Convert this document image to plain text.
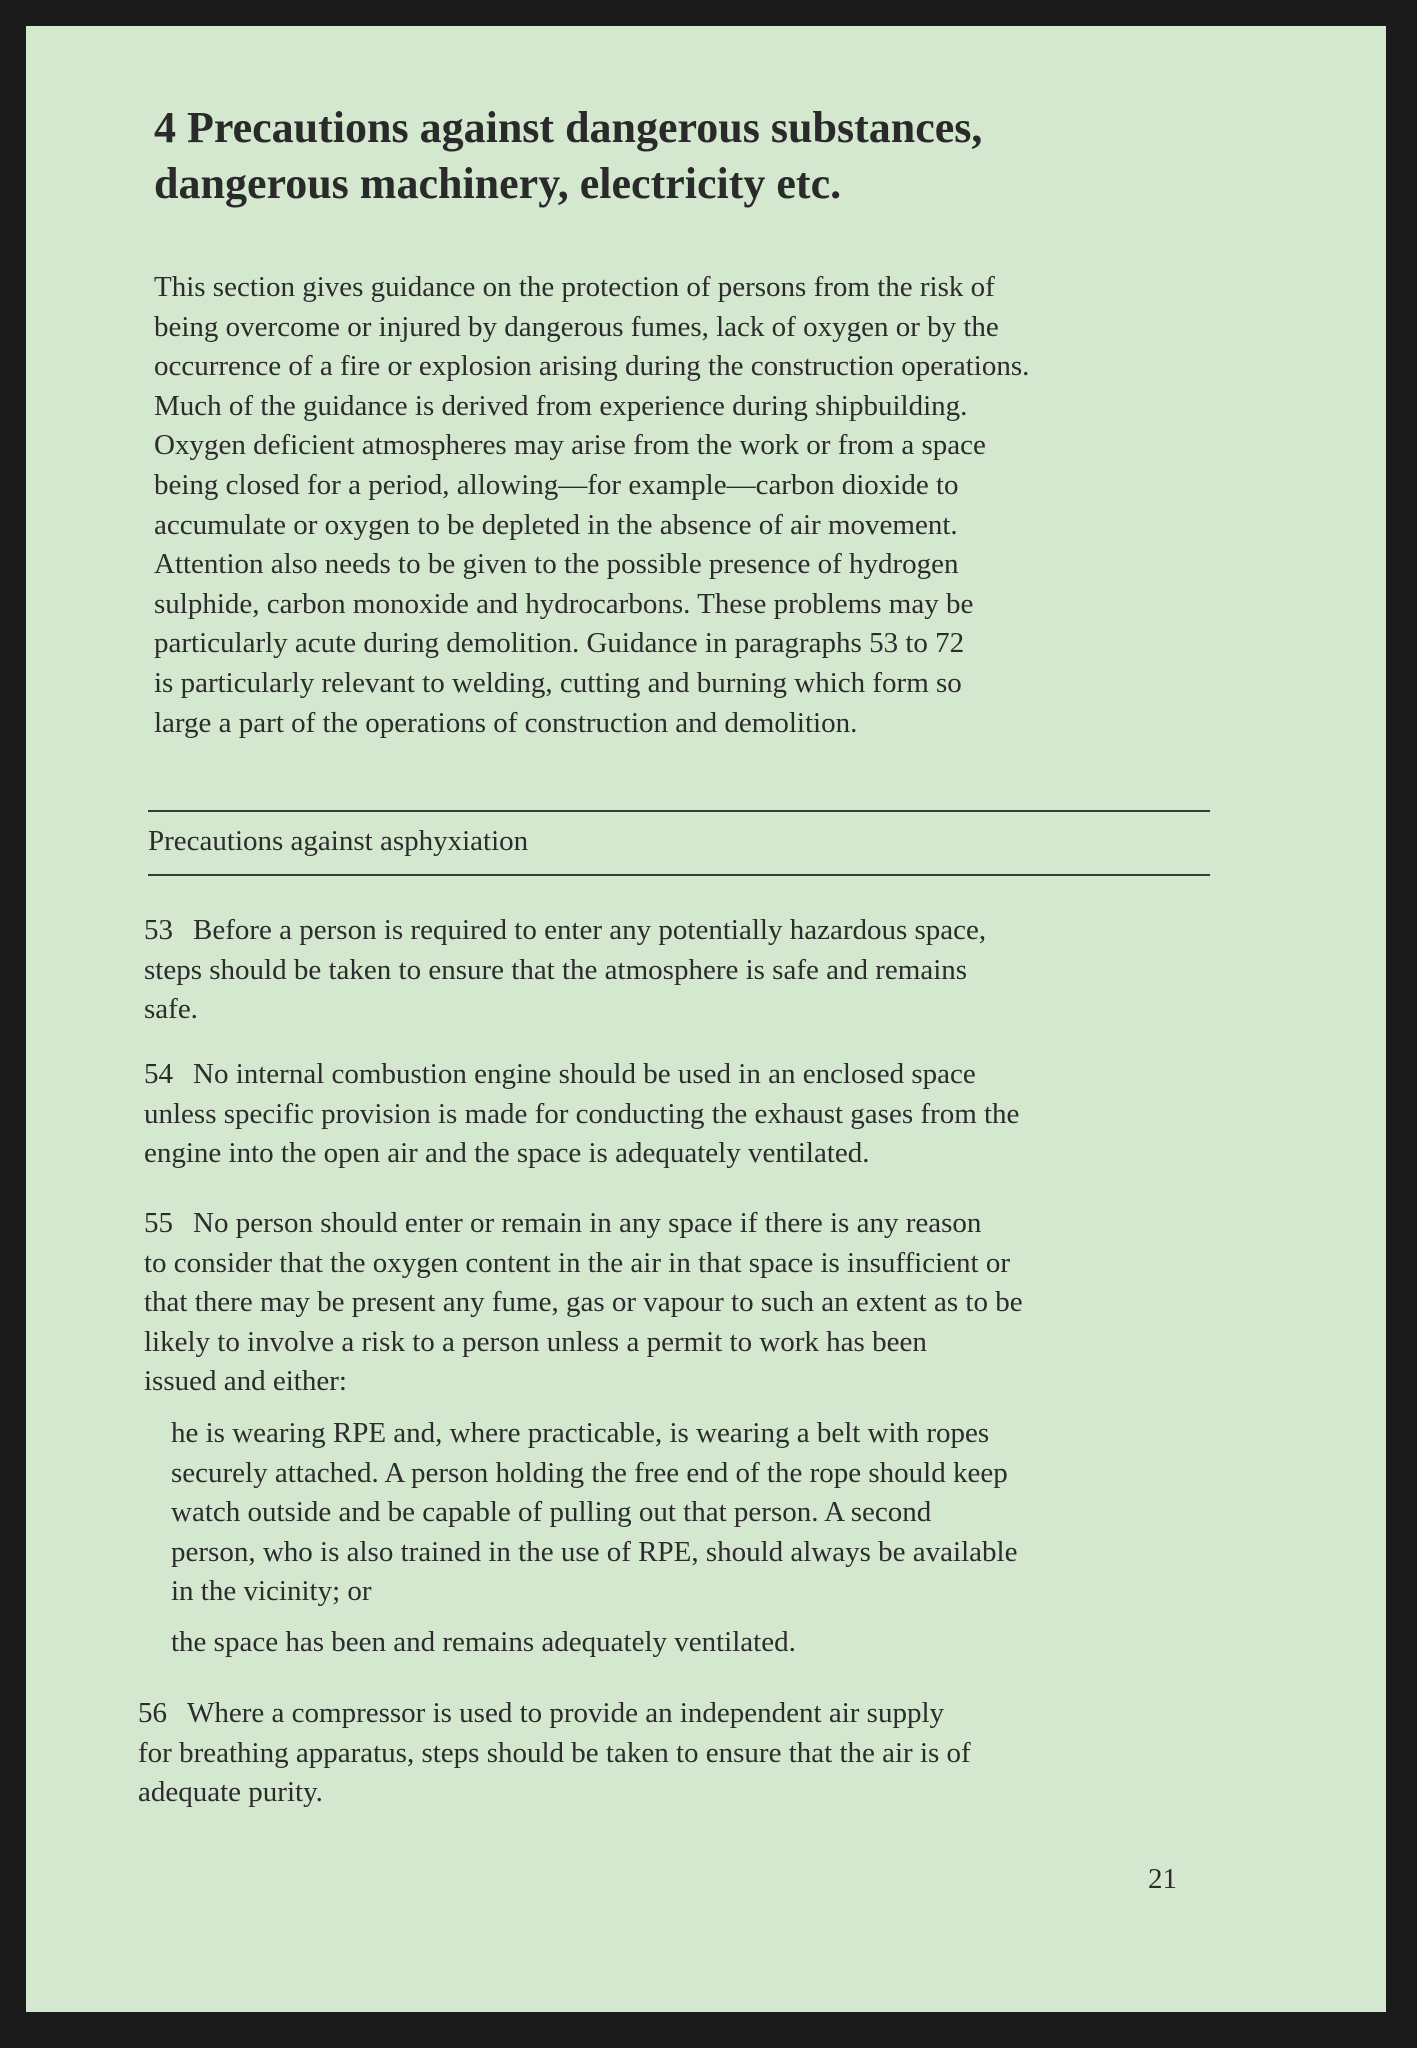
4 Precautions against dangerous substances,
dangerous machinery, electricity etc.

This section gives guidance on the protection of persons from the risk of
being overcome or injured by dangerous fumes, lack of oxygen or by the
occurrence of a fire or explosion arising during the construction operations.
Much of the guidance is derived from experience during shipbuilding.
Oxygen deficient atmospheres may arise from the work or from a space
being closed for a period, allowing—for example—carbon dioxide to
accumulate or oxygen to be depleted in the absence of air movement.
Attention also needs to be given to the possible presence of hydrogen
sulphide, carbon monoxide and hydrocarbons. These problems may be
particularly acute during demolition. Guidance in paragraphs 53 to 72
is particularly relevant to welding, cutting and burning which form so
large a part of the operations of construction and demolition.

Precautions against asphyxiation

53 Before a person is required to enter any potentially hazardous space,
steps should be taken to ensure that the atmosphere is safe and remains
safe.

54 No internal combustion engine should be used in an enclosed space
unless specific provision is made for conducting the exhaust gases from the
engine into the open air and the space is adequately ventilated.

55 No person should enter or remain in any space if there is any reason
to consider that the oxygen content in the air in that space is insufficient or
that there may be present any fume, gas or vapour to such an extent as to be
likely to involve a risk to a person unless a permit to work has been
issued and either:

he is wearing RPE and, where practicable, is wearing a belt with ropes
securely attached. A person holding the free end of the rope should keep
watch outside and be capable of pulling out that person. A second
person, who is also trained in the use of RPE, should always be available
in the vicinity; or

the space has been and remains adequately ventilated.

56 Where a compressor is used to provide an independent air supply
for breathing apparatus, steps should be taken to ensure that the air is of
adequate purity.

21
